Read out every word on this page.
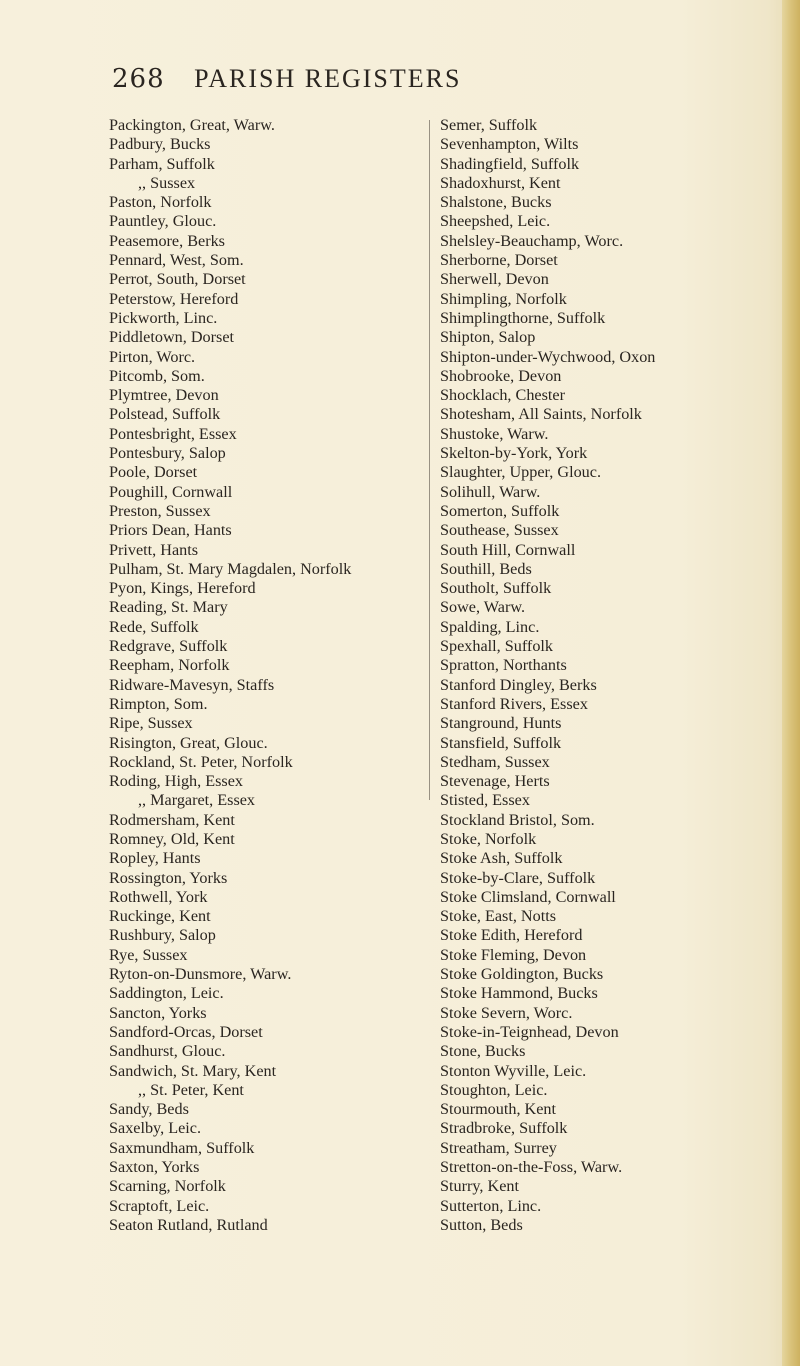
268 PARISH REGISTERS
Packington, Great, Warw.
Padbury, Bucks
Parham, Suffolk
,, Sussex
Paston, Norfolk
Pauntley, Glouc.
Peasemore, Berks
Pennard, West, Som.
Perrot, South, Dorset
Peterstow, Hereford
Pickworth, Linc.
Piddletown, Dorset
Pirton, Worc.
Pitcomb, Som.
Plymtree, Devon
Polstead, Suffolk
Pontesbright, Essex
Pontesbury, Salop
Poole, Dorset
Poughill, Cornwall
Preston, Sussex
Priors Dean, Hants
Privett, Hants
Pulham, St. Mary Magdalen, Norfolk
Pyon, Kings, Hereford
Reading, St. Mary
Rede, Suffolk
Redgrave, Suffolk
Reepham, Norfolk
Ridware-Mavesyn, Staffs
Rimpton, Som.
Ripe, Sussex
Risington, Great, Glouc.
Rockland, St. Peter, Norfolk
Roding, High, Essex
,, Margaret, Essex
Rodmersham, Kent
Romney, Old, Kent
Ropley, Hants
Rossington, Yorks
Rothwell, York
Ruckinge, Kent
Rushbury, Salop
Rye, Sussex
Ryton-on-Dunsmore, Warw.
Saddington, Leic.
Sancton, Yorks
Sandford-Orcas, Dorset
Sandhurst, Glouc.
Sandwich, St. Mary, Kent
,, St. Peter, Kent
Sandy, Beds
Saxelby, Leic.
Saxmundham, Suffolk
Saxton, Yorks
Scarning, Norfolk
Scraptoft, Leic.
Seaton Rutland, Rutland
Semer, Suffolk
Sevenhampton, Wilts
Shadingfield, Suffolk
Shadoxhurst, Kent
Shalstone, Bucks
Sheepshed, Leic.
Shelsley-Beauchamp, Worc.
Sherborne, Dorset
Sherwell, Devon
Shimpling, Norfolk
Shimplingthorne, Suffolk
Shipton, Salop
Shipton-under-Wychwood, Oxon
Shobrooke, Devon
Shocklach, Chester
Shotesham, All Saints, Norfolk
Shustoke, Warw.
Skelton-by-York, York
Slaughter, Upper, Glouc.
Solihull, Warw.
Somerton, Suffolk
Southease, Sussex
South Hill, Cornwall
Southill, Beds
Southolt, Suffolk
Sowe, Warw.
Spalding, Linc.
Spexhall, Suffolk
Spratton, Northants
Stanford Dingley, Berks
Stanford Rivers, Essex
Stanground, Hunts
Stansfield, Suffolk
Stedham, Sussex
Stevenage, Herts
Stisted, Essex
Stockland Bristol, Som.
Stoke, Norfolk
Stoke Ash, Suffolk
Stoke-by-Clare, Suffolk
Stoke Climsland, Cornwall
Stoke, East, Notts
Stoke Edith, Hereford
Stoke Fleming, Devon
Stoke Goldington, Bucks
Stoke Hammond, Bucks
Stoke Severn, Worc.
Stoke-in-Teignhead, Devon
Stone, Bucks
Stonton Wyville, Leic.
Stoughton, Leic.
Stourmouth, Kent
Stradbroke, Suffolk
Streatham, Surrey
Stretton-on-the-Foss, Warw.
Sturry, Kent
Sutterton, Linc.
Sutton, Beds
